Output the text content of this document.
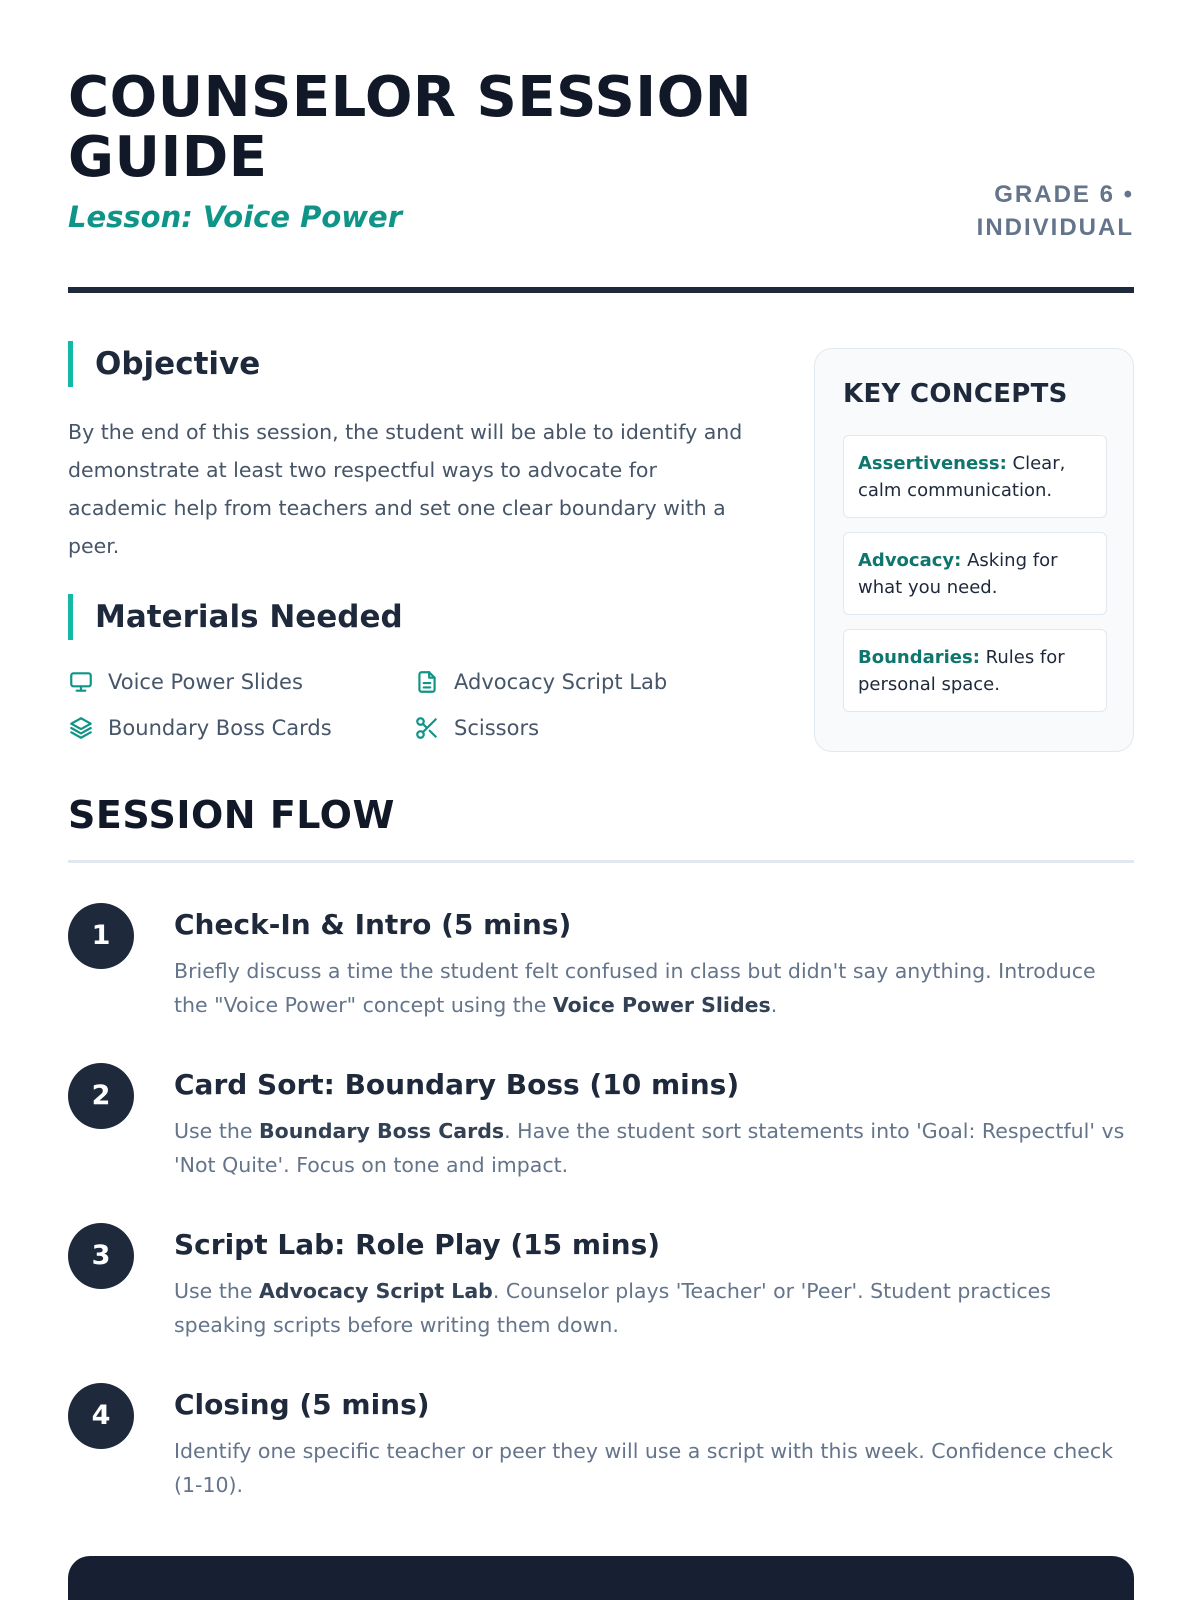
COUNSELOR SESSION GUIDE
Lesson: Voice Power
GRADE 6 •
INDIVIDUAL
Objective

By the end of this session, the student will be able to identify and demonstrate at least two respectful ways to advocate for academic help from teachers and set one clear boundary with a peer.

Materials Needed
Voice Power Slides	Advocacy Script Lab
Boundary Boss Cards	Scissors
KEY CONCEPTS
Assertiveness: Clear, calm communication.
Advocacy: Asking for what you need.
Boundaries: Rules for personal space.
SESSION FLOW
1	Check-In & Intro (5 mins)

Briefly discuss a time the student felt confused in class but didn't say anything. Introduce the "Voice Power" concept using the Voice Power Slides.

2	Card Sort: Boundary Boss (10 mins)

Use the Boundary Boss Cards. Have the student sort statements into 'Goal: Respectful' vs 'Not Quite'. Focus on tone and impact.

3	Script Lab: Role Play (15 mins)

Use the Advocacy Script Lab. Counselor plays 'Teacher' or 'Peer'. Student practices speaking scripts before writing them down.

4	Closing (5 mins)

Identify one specific teacher or peer they will use a script with this week. Confidence check (1-10).
